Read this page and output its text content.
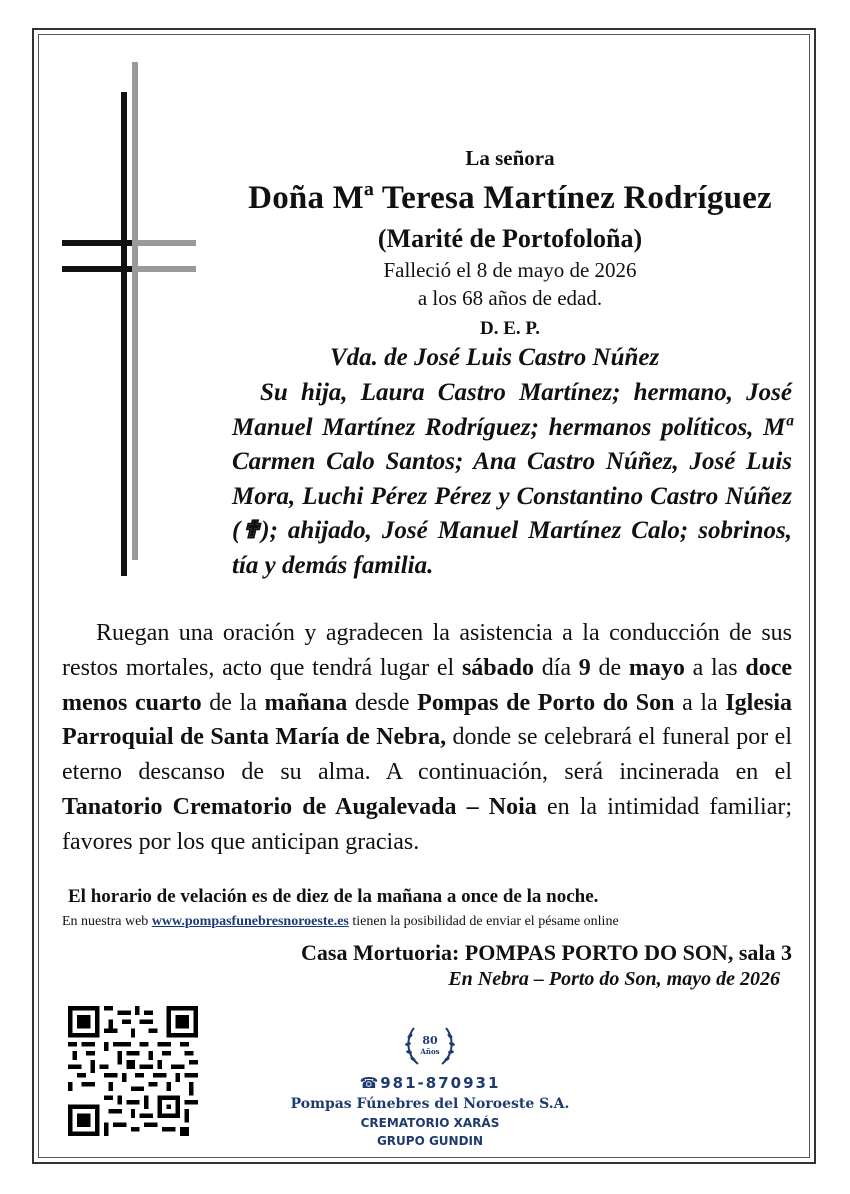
La señora
Doña Mª Teresa Martínez Rodríguez
(Marité de Portofoloña)
Falleció el 8 de mayo de 2026
a los 68 años de edad.
D. E. P.
Vda. de José Luis Castro Núñez
Su hija, Laura Castro Martínez; hermano, José Manuel Martínez Rodríguez; hermanos políticos, Mª Carmen Calo Santos; Ana Castro Núñez, José Luis Mora, Luchi Pérez Pérez y Constantino Castro Núñez (✟); ahijado, José Manuel Martínez Calo; sobrinos, tía y demás familia.
Ruegan una oración y agradecen la asistencia a la conducción de sus restos mortales, acto que tendrá lugar el sábado día 9 de mayo a las doce menos cuarto de la mañana desde Pompas de Porto do Son a la Iglesia Parroquial de Santa María de Nebra, donde se celebrará el funeral por el eterno descanso de su alma. A continuación, será incinerada en el Tanatorio Crematorio de Augalevada – Noia en la intimidad familiar; favores por los que anticipan gracias.
El horario de velación es de diez de la mañana a once de la noche.
En nuestra web www.pompasfunebresnoroeste.es tienen la posibilidad de enviar el pésame online
Casa Mortuoria: POMPAS PORTO DO SON, sala 3
En Nebra – Porto do Son, mayo de 2026
80
Años
☎981-870931
Pompas Fúnebres del Noroeste S.A.
CREMATORIO XARÁS
GRUPO GUNDIN
